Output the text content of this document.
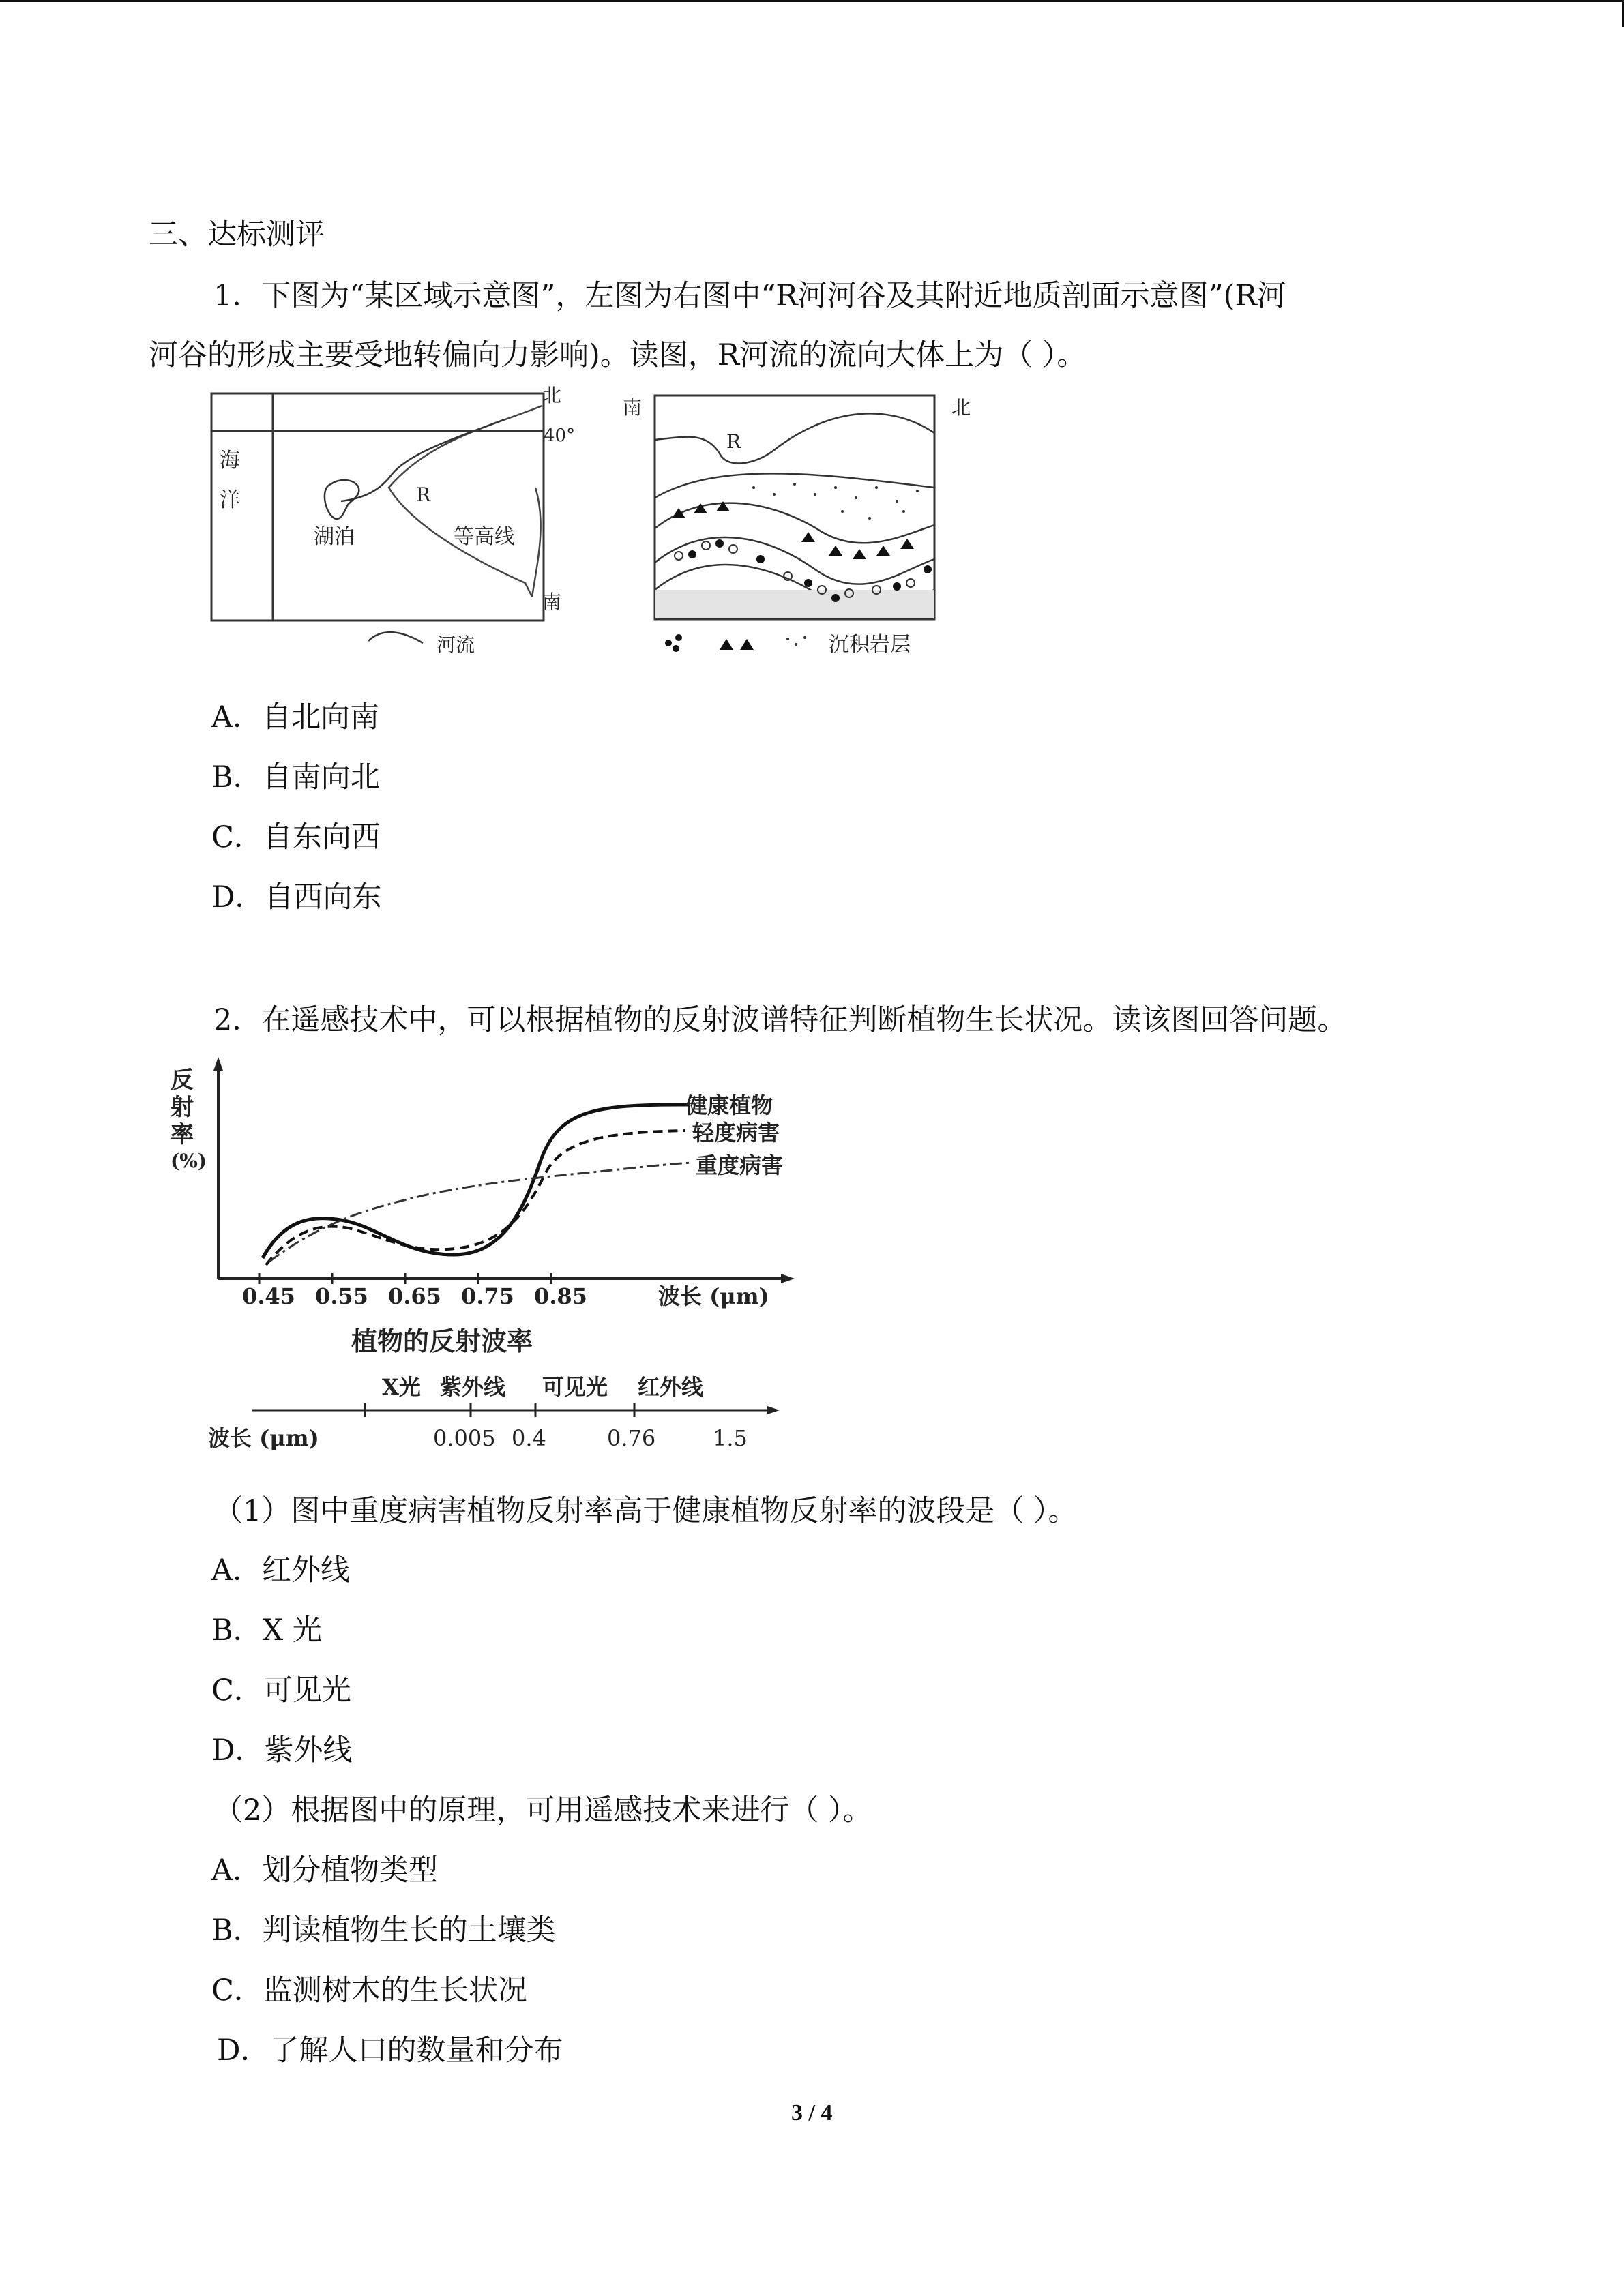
三、达标测评
1．下图为“某区域示意图”，左图为右图中“R河河谷及其附近地质剖面示意图”(R河
河谷的形成主要受地转偏向力影响)。读图，R河流的流向大体上为（ ）。
北
40°
南
海
洋
湖泊
R
等高线
河流
南	北
R
沉积岩层
A．自北向南
B．自南向北
C．自东向西
D．自西向东
2．在遥感技术中，可以根据植物的反射波谱特征判断植物生长状况。读该图回答问题。
0.45 0.55 0.65 0.75 0.85
反
射
率
(%)
健康植物
轻度病害
重度病害
波长 (μm)
植物的反射波率
X光 紫外线 可见光 红外线
波长 (μm)	0.005 0.4	0.76	1.5
（1）图中重度病害植物反射率高于健康植物反射率的波段是（ ）。
A．红外线
B．X 光
C．可见光
D．紫外线
（2）根据图中的原理，可用遥感技术来进行（ ）。
A．划分植物类型
B．判读植物生长的土壤类
C．监测树木的生长状况
D．了解人口的数量和分布
3 / 4
